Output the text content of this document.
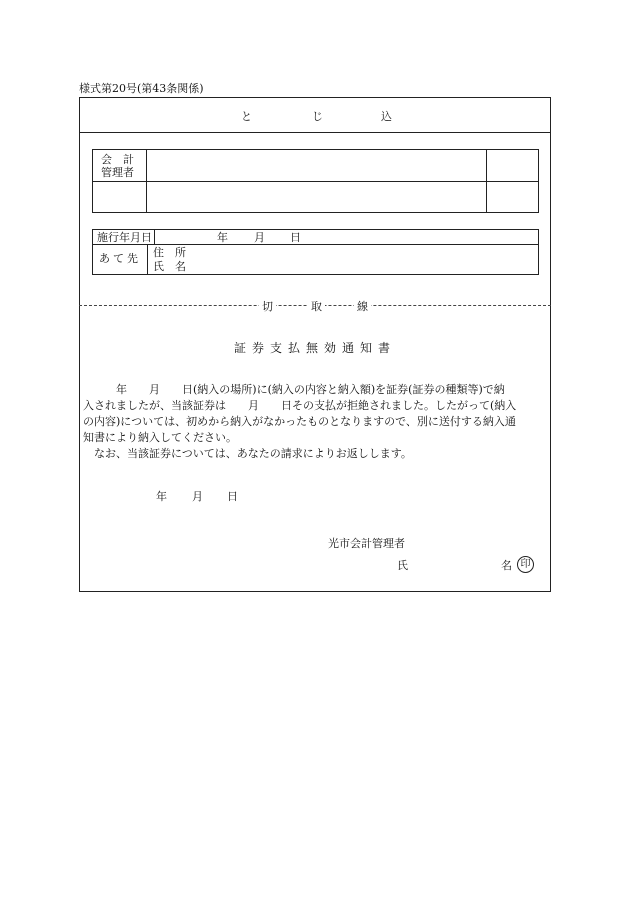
様式第20号(第43条関係)
と	じ	込
会　計
管理者
施行年月日	年 月 日
あて先 住　所
氏　名
切	取	線
証券支払無効通知書
　　　年　　月　　日(納入の場所)に(納入の内容と納入額)を証券(証券の種類等)で納
入されましたが、当該証券は　　月　　日その支払が拒絶されました。したがって(納入
の内容)については、初めから納入がなかったものとなりますので、別に送付する納入通
知書により納入してください。
　なお、当該証券については、あなたの請求によりお返しします。
年 月 日
光市会計管理者
氏	名 印
